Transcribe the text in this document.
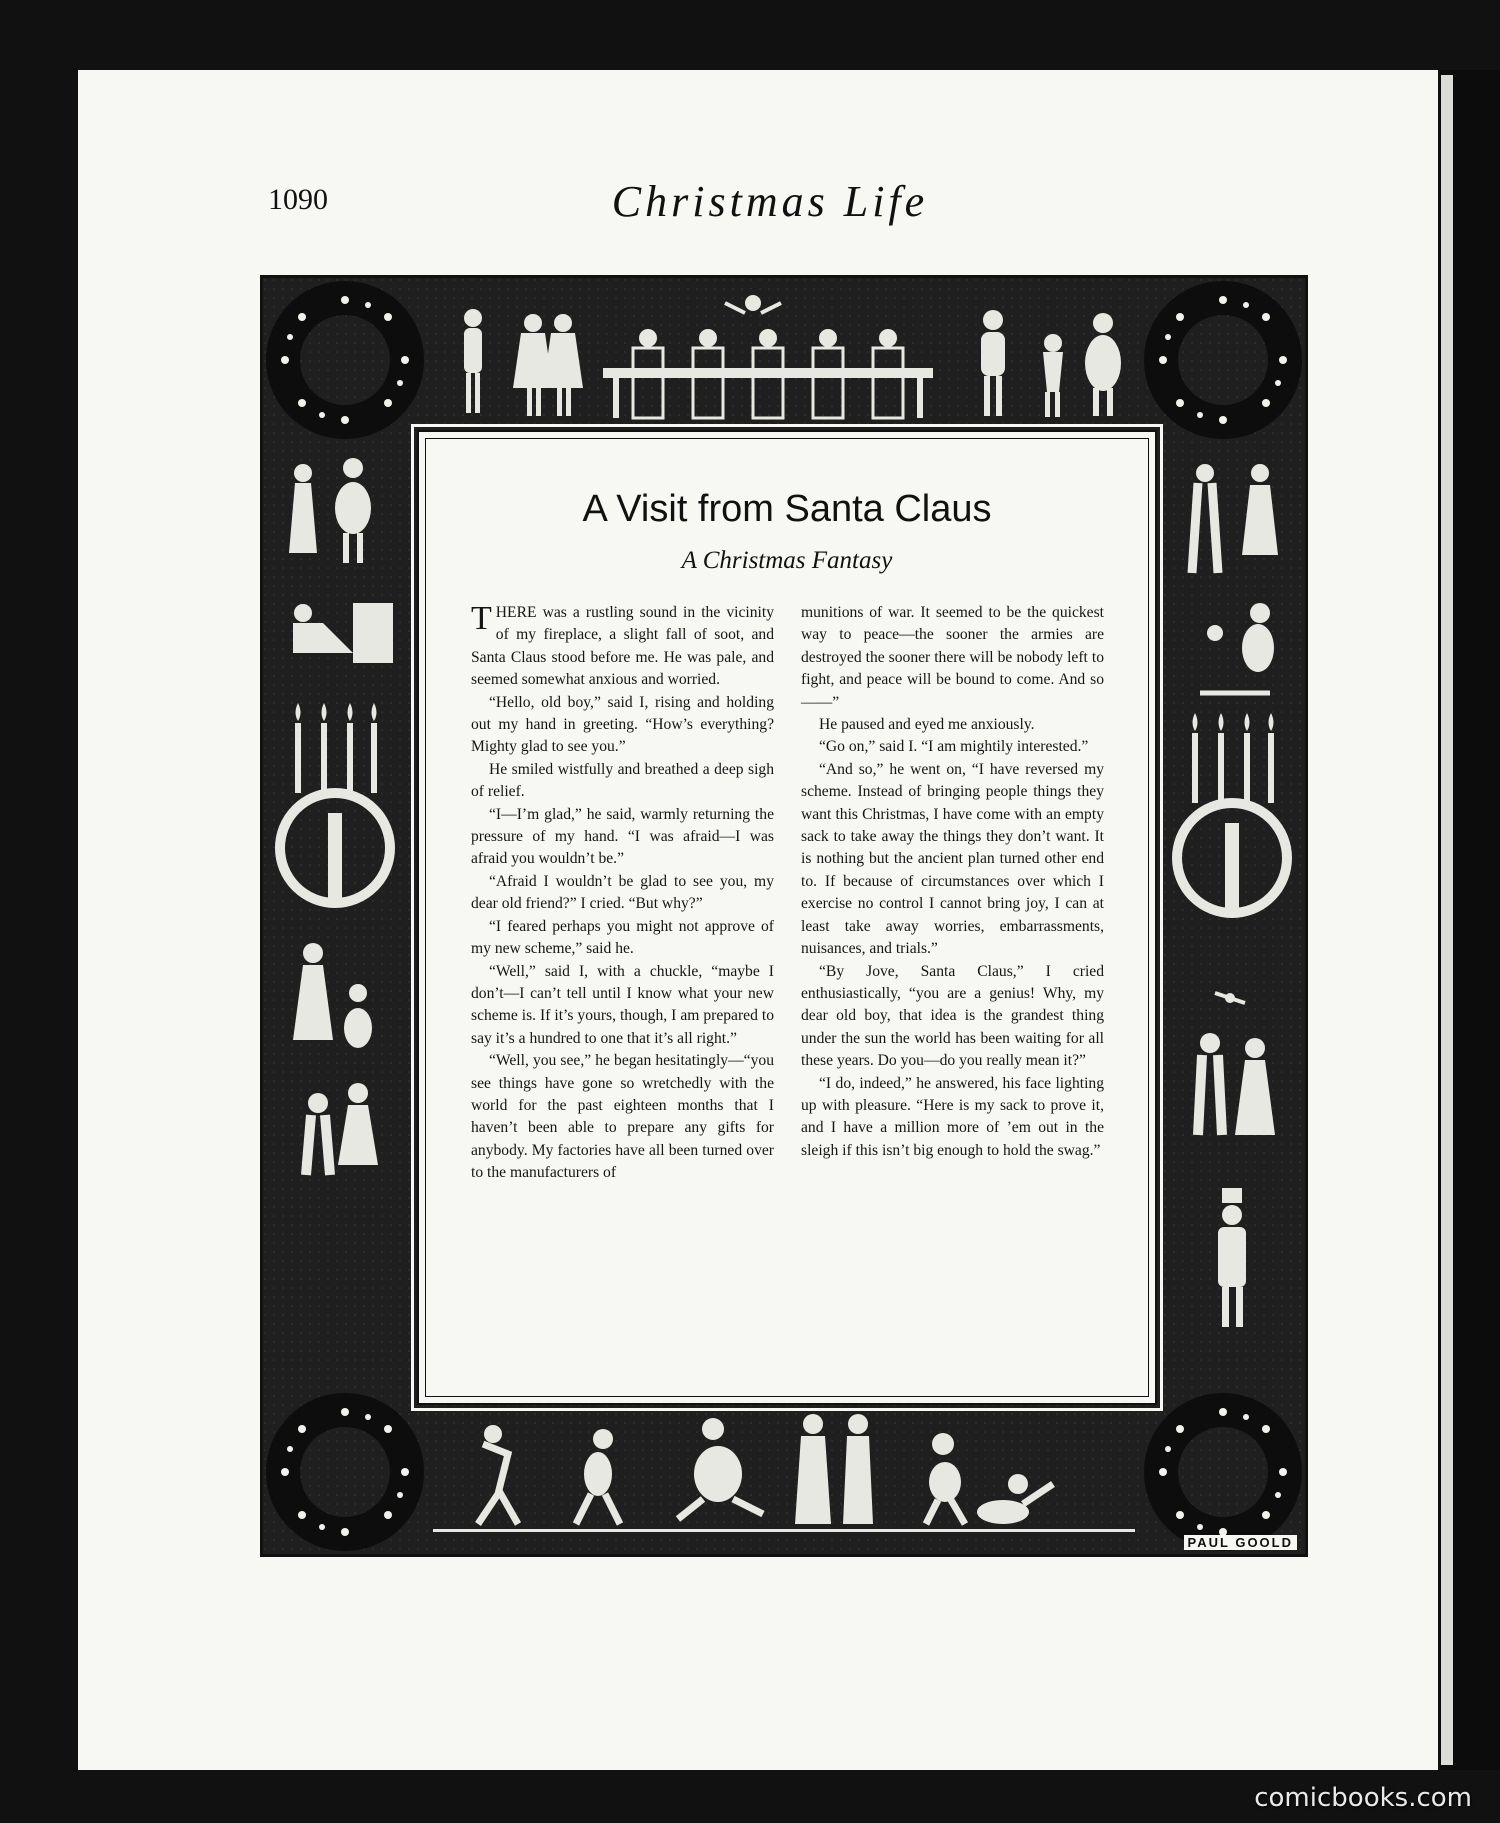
1090	Christmas Life
PAUL GOOLD
A Visit from Santa Claus
A Christmas Fantasy

THERE was a rustling sound in the vicinity of my fireplace, a slight fall of soot, and Santa Claus stood before me. He was pale, and seemed somewhat anxious and worried.

“Hello, old boy,” said I, rising and holding out my hand in greeting. “How’s everything? Mighty glad to see you.”

He smiled wistfully and breathed a deep sigh of relief.

“I—I’m glad,” he said, warmly returning the pressure of my hand. “I was afraid—I was afraid you wouldn’t be.”

“Afraid I wouldn’t be glad to see you, my dear old friend?” I cried. “But why?”

“I feared perhaps you might not approve of my new scheme,” said he.

“Well,” said I, with a chuckle, “maybe I don’t—I can’t tell until I know what your new scheme is. If it’s yours, though, I am prepared to say it’s a hundred to one that it’s all right.”

“Well, you see,” he began hesitatingly—“you see things have gone so wretchedly with the world for the past eighteen months that I haven’t been able to prepare any gifts for anybody. My factories have all been turned over to the manufacturers of

munitions of war. It seemed to be the quickest way to peace—the sooner the armies are destroyed the sooner there will be nobody left to fight, and peace will be bound to come. And so——”

He paused and eyed me anxiously.

“Go on,” said I. “I am mightily interested.”

“And so,” he went on, “I have reversed my scheme. Instead of bringing people things they want this Christmas, I have come with an empty sack to take away the things they don’t want. It is nothing but the ancient plan turned other end to. If because of circumstances over which I exercise no control I cannot bring joy, I can at least take away worries, embarrassments, nuisances, and trials.”

“By Jove, Santa Claus,” I cried enthusiastically, “you are a genius! Why, my dear old boy, that idea is the grandest thing under the sun the world has been waiting for all these years. Do you—do you really mean it?”

“I do, indeed,” he answered, his face lighting up with pleasure. “Here is my sack to prove it, and I have a million more of ’em out in the sleigh if this isn’t big enough to hold the swag.”

comicbooks.com
